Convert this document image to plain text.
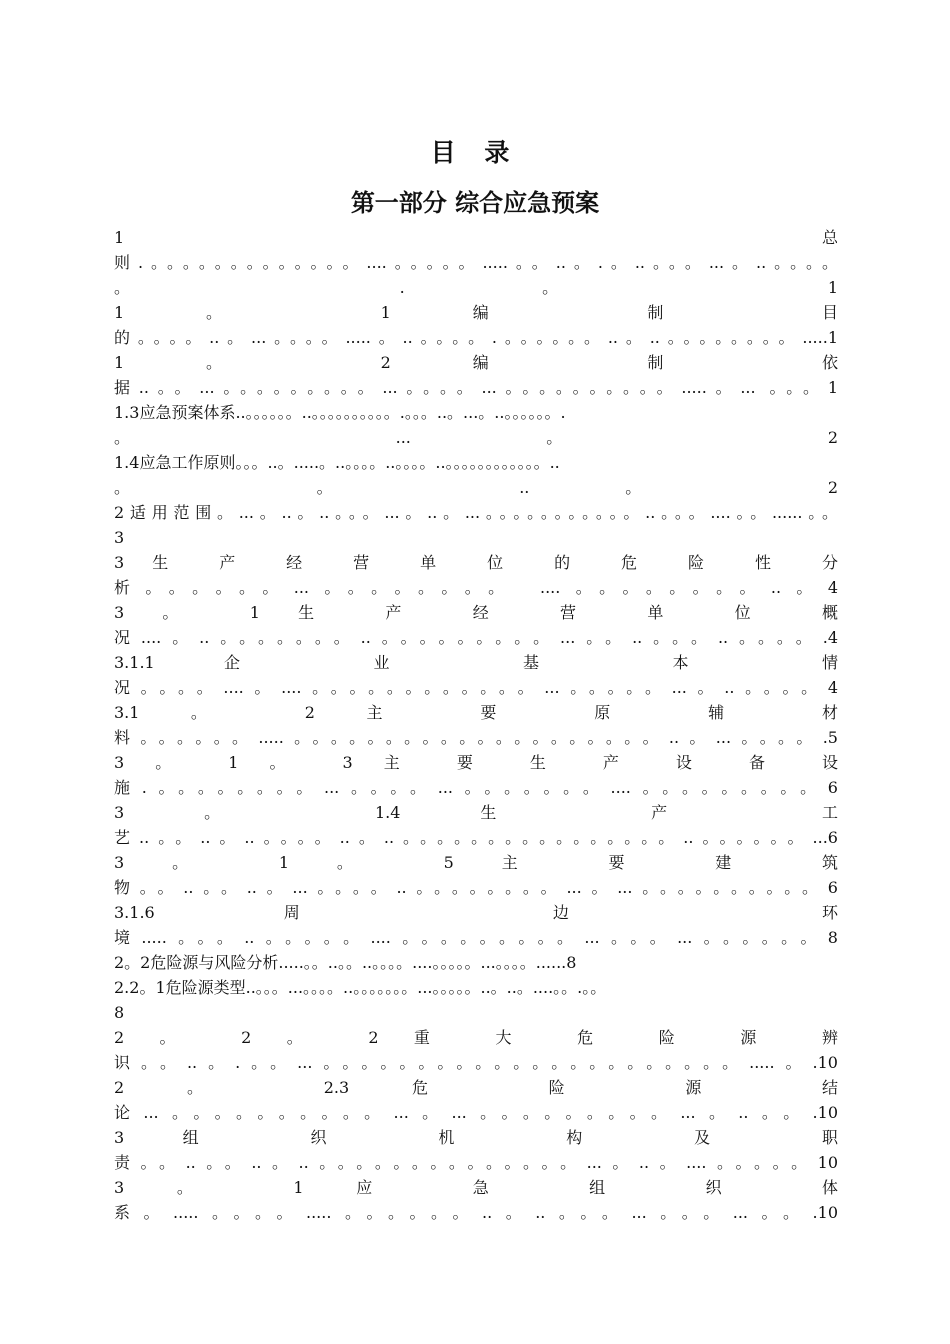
目 录
第一部分 综合应急预案
1 总
则.。。。。。。。。。。。。。....。。。。。.....。。..。.。..。。。...。..。。。。
。 . 。 1
1 。 1 编 制 目
的。。。。..。...。。。。.....。..。。。。.。。。。。。..。..。。。。。。。。.....1
1 。 2 编 制 依
据..。。...。。。。。。。。。...。。。。...。。。。。。。。。。.....。... 。。。1
1.3应急预案体系..。。。。。。..。。。。。。。。。。.。。。..。...。..。。。。。。.
。 ... 。 2
1.4应急工作原则。。。..。.....。..。。。。..。。。。..。。。。。。。。。。。。..
。 。 .. 。 2
2适用范围。...。..。..。。。...。..。...。。。。。。。。。。。..。。。....。。......。。
3
3 生 产 经 营 单 位 的 危 险 性 分
析。。。。。。...。。。。。。。。 ....。。。。。。。。..。4
3 。 1 生 产 经 营 单 位 概
况....。..。。。。。。。..。。。。。。。。。...。。..。。。..。。。。.4
3.1.1 企 业 基 本 情
况。。。。....。....。。。。。。。。。。。。...。。。。。...。..。。。。4
3.1 。 2 主 要 原 辅 材
料。。。。。。.....。。。。。。。。。。。。。。。。。。。。..。...。。。。.5
3 。 1 。 3 主 要 生 产 设 备 设
施.。。。。。。。。...。。。。...。。。。。。。....。。。。。。。。。6
3 。 1.4 生 产 工
艺..。。..。..。。。。..。..。。。。。。。。。。。。。。。。..。。。。。。...6
3 。 1 。 5 主 要 建 筑
物。。..。。..。...。。。。..。。。。。。。。...。...。。。。。。。。。。6
3.1.6 周 边 环
境.....。。。..。。。。。....。。。。。。。。。...。。。...。。。。。。8
2。2危险源与风险分析.....。。..。。..。。。。....。。。。。...。。。。......8
2.2。1危险源类型..。。。...。。。。..。。。。。。。...。。。。。..。..。....。。.。。
8
2 。 2 。 2 重 大 危 险 源 辨
识。。..。.。。...。。。。。。。。。。。。。。。。。。。。。。.....。.10
2 。 2.3 危 险 源 结
论...。。。。。。。。。。...。...。。。。。。。。。...。..。。.10
3 组 织 机 构 及 职
责。。..。。..。..。。。。。。。。。。。。。。...。..。....。。。。。10
3 。 1 应 急 组 织 体
系。.....。。。。.....。。。。。。..。..。。。...。。。...。。.10
